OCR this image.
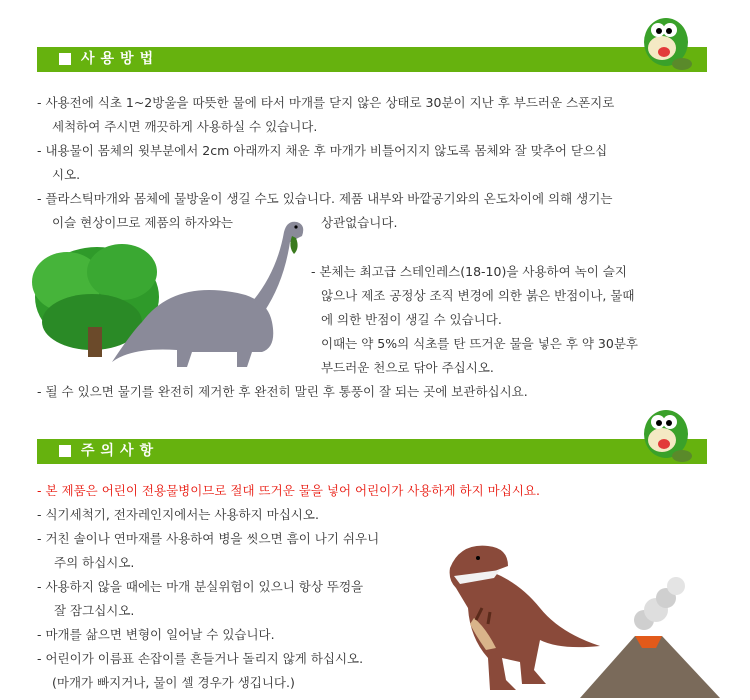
사용방법
- 사용전에 식초 1~2방울을 따뜻한 물에 타서 마개를 닫지 않은 상태로 30분이 지난 후 부드러운 스폰지로
세척하여 주시면 깨끗하게 사용하실 수 있습니다.
- 내용물이 몸체의 윗부분에서 2cm 아래까지 채운 후 마개가 비틀어지지 않도록 몸체와 잘 맞추어 닫으십
시오.
- 플라스틱마개와 몸체에 물방울이 생길 수도 있습니다. 제품 내부와 바깥공기와의 온도차이에 의해 생기는
이슬 현상이므로 제품의 하자와는	상관없습니다.
- 본체는 최고급 스테인레스(18-10)을 사용하여 녹이 슬지
않으나 제조 공정상 조직 변경에 의한 붉은 반점이나, 물때
에 의한 반점이 생길 수 있습니다.
이때는 약 5%의 식초를 탄 뜨거운 물을 넣은 후 약 30분후
부드러운 천으로 닦아 주십시오.
- 될 수 있으면 물기를 완전히 제거한 후 완전히 말린 후 통풍이 잘 되는 곳에 보관하십시요.
주의사항
- 본 제품은 어린이 전용물병이므로 절대 뜨거운 물을 넣어 어린이가 사용하게 하지 마십시요.
- 식기세척기, 전자레인지에서는 사용하지 마십시오.
- 거친 솔이나 연마재를 사용하여 병을 씻으면 흠이 나기 쉬우니
주의 하십시오.
- 사용하지 않을 때에는 마개 분실위험이 있으니 항상 뚜껑을
잘 잠그십시오.
- 마개를 삶으면 변형이 일어날 수 있습니다.
- 어린이가 이름표 손잡이를 흔들거나 돌리지 않게 하십시오.
(마개가 빠지거나, 물이 셀 경우가 생깁니다.)
